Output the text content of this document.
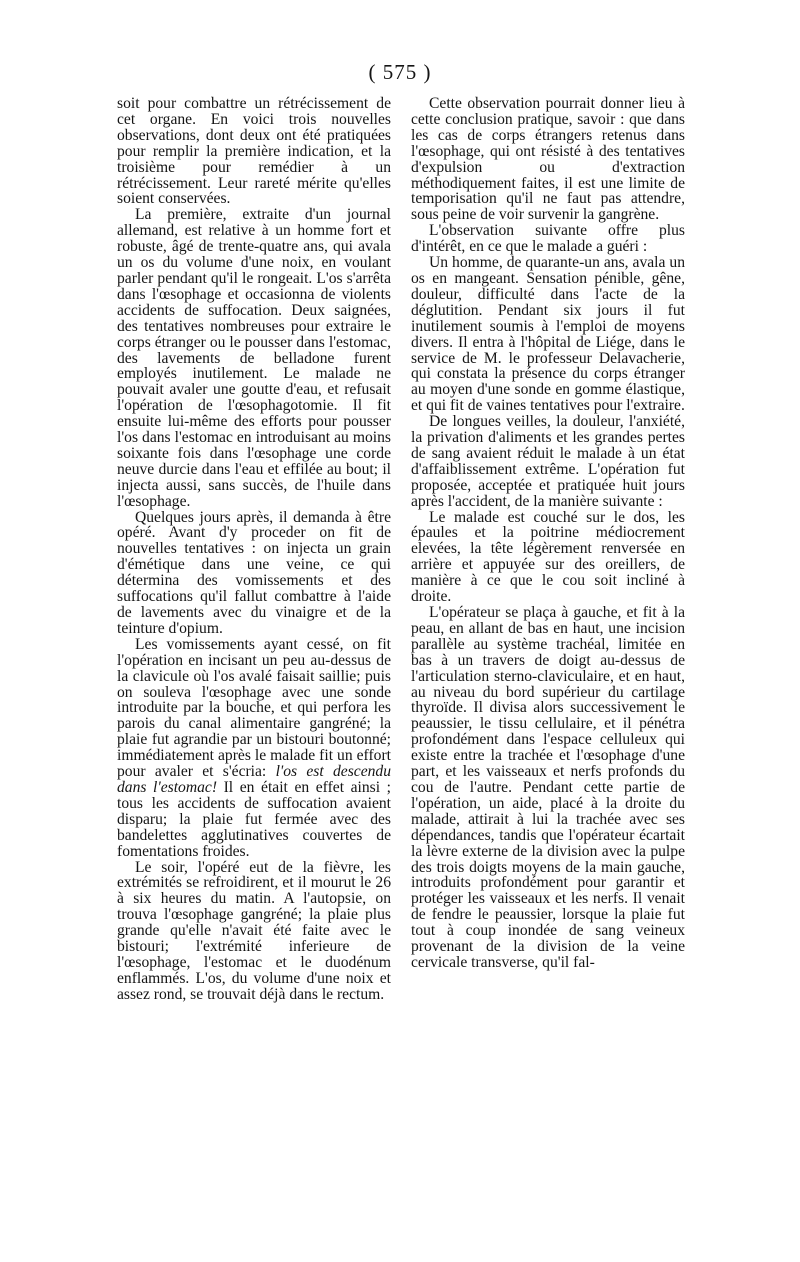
( 575 )

soit pour combattre un rétrécissement de cet organe. En voici trois nouvelles observations, dont deux ont été pratiquées pour remplir la première indication, et la troisième pour remédier à un rétrécissement. Leur rareté mérite qu'elles soient conservées.

La première, extraite d'un journal allemand, est relative à un homme fort et robuste, âgé de trente-quatre ans, qui avala un os du volume d'une noix, en voulant parler pendant qu'il le rongeait. L'os s'arrêta dans l'œsophage et occasionna de violents accidents de suffocation. Deux saignées, des tentatives nombreuses pour extraire le corps étranger ou le pousser dans l'estomac, des lavements de belladone furent employés inutilement. Le malade ne pouvait avaler une goutte d'eau, et refusait l'opération de l'œsophagotomie. Il fit ensuite lui-même des efforts pour pousser l'os dans l'estomac en introduisant au moins soixante fois dans l'œsophage une corde neuve durcie dans l'eau et effilée au bout; il injecta aussi, sans succès, de l'huile dans l'œsophage.

Quelques jours après, il demanda à être opéré. Avant d'y proceder on fit de nouvelles tentatives : on injecta un grain d'émétique dans une veine, ce qui détermina des vomissements et des suffocations qu'il fallut combattre à l'aide de lavements avec du vinaigre et de la teinture d'opium.

Les vomissements ayant cessé, on fit l'opération en incisant un peu au-dessus de la clavicule où l'os avalé faisait saillie; puis on souleva l'œsophage avec une sonde introduite par la bouche, et qui perfora les parois du canal alimentaire gangréné; la plaie fut agrandie par un bistouri boutonné; immédiatement après le malade fit un effort pour avaler et s'écria: l'os est descendu dans l'estomac! Il en était en effet ainsi ; tous les accidents de suffocation avaient disparu; la plaie fut fermée avec des bandelettes agglutinatives couvertes de fomentations froides.

Le soir, l'opéré eut de la fièvre, les extrémités se refroidirent, et il mourut le 26 à six heures du matin. A l'autopsie, on trouva l'œsophage gangréné; la plaie plus grande qu'elle n'avait été faite avec le bistouri; l'extrémité inferieure de l'œsophage, l'estomac et le duodénum enflammés. L'os, du volume d'une noix et assez rond, se trouvait déjà dans le rectum.

Cette observation pourrait donner lieu à cette conclusion pratique, savoir : que dans les cas de corps étrangers retenus dans l'œsophage, qui ont résisté à des tentatives d'expulsion ou d'extraction méthodiquement faites, il est une limite de temporisation qu'il ne faut pas attendre, sous peine de voir survenir la gangrène.

L'observation suivante offre plus d'intérêt, en ce que le malade a guéri :

Un homme, de quarante-un ans, avala un os en mangeant. Sensation pénible, gêne, douleur, difficulté dans l'acte de la déglutition. Pendant six jours il fut inutilement soumis à l'emploi de moyens divers. Il entra à l'hôpital de Liége, dans le service de M. le professeur Delavacherie, qui constata la présence du corps étranger au moyen d'une sonde en gomme élastique, et qui fit de vaines tentatives pour l'extraire.

De longues veilles, la douleur, l'anxiété, la privation d'aliments et les grandes pertes de sang avaient réduit le malade à un état d'affaiblissement extrême. L'opération fut proposée, acceptée et pratiquée huit jours après l'accident, de la manière suivante :

Le malade est couché sur le dos, les épaules et la poitrine médiocrement elevées, la tête légèrement renversée en arrière et appuyée sur des oreillers, de manière à ce que le cou soit incliné à droite.

L'opérateur se plaça à gauche, et fit à la peau, en allant de bas en haut, une incision parallèle au système trachéal, limitée en bas à un travers de doigt au-dessus de l'articulation sterno-claviculaire, et en haut, au niveau du bord supérieur du cartilage thyroïde. Il divisa alors successivement le peaussier, le tissu cellulaire, et il pénétra profondément dans l'espace celluleux qui existe entre la trachée et l'œsophage d'une part, et les vaisseaux et nerfs profonds du cou de l'autre. Pendant cette partie de l'opération, un aide, placé à la droite du malade, attirait à lui la trachée avec ses dépendances, tandis que l'opérateur écartait la lèvre externe de la division avec la pulpe des trois doigts moyens de la main gauche, introduits profondément pour garantir et protéger les vaisseaux et les nerfs. Il venait de fendre le peaussier, lorsque la plaie fut tout à coup inondée de sang veineux provenant de la division de la veine cervicale transverse, qu'il fal-
